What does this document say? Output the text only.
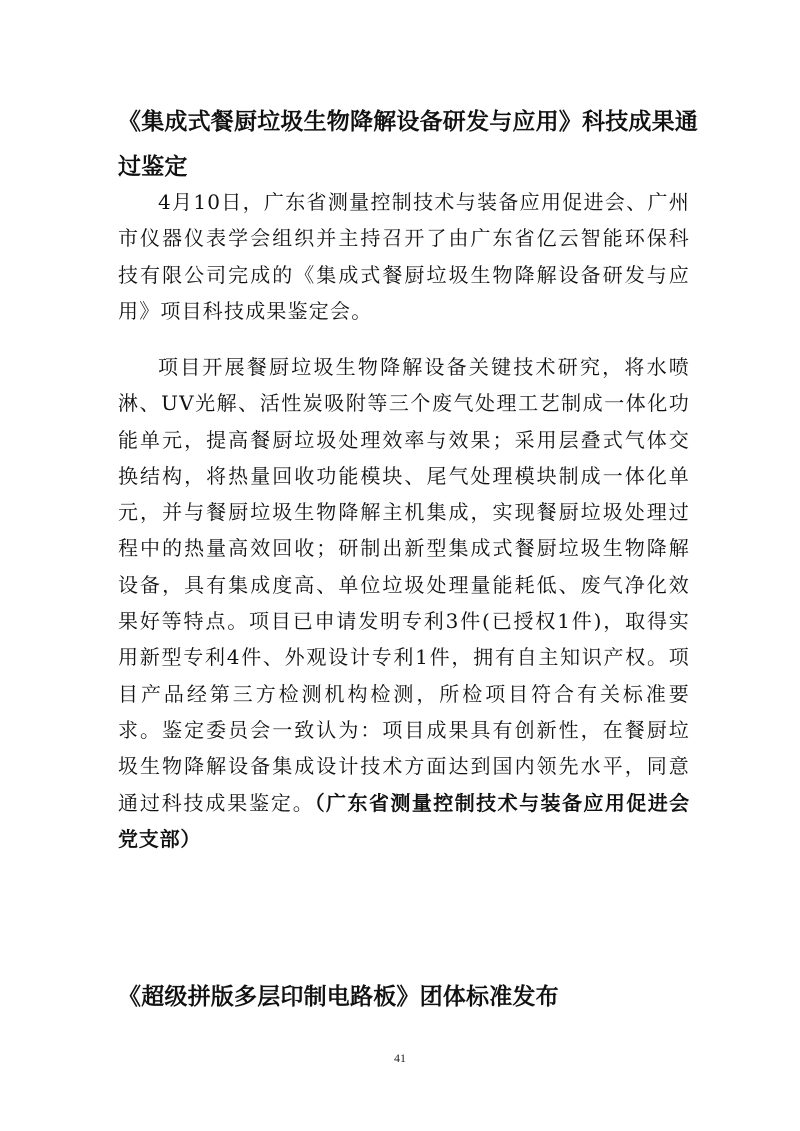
《集成式餐厨垃圾生物降解设备研发与应用》科技成果通过鉴定

4月10日，广东省测量控制技术与装备应用促进会、广州市仪器仪表学会组织并主持召开了由广东省亿云智能环保科技有限公司完成的《集成式餐厨垃圾生物降解设备研发与应用》项目科技成果鉴定会。

项目开展餐厨垃圾生物降解设备关键技术研究，将水喷淋、UV光解、活性炭吸附等三个废气处理工艺制成一体化功能单元，提高餐厨垃圾处理效率与效果；采用层叠式气体交换结构，将热量回收功能模块、尾气处理模块制成一体化单元，并与餐厨垃圾生物降解主机集成，实现餐厨垃圾处理过程中的热量高效回收；研制出新型集成式餐厨垃圾生物降解设备，具有集成度高、单位垃圾处理量能耗低、废气净化效果好等特点。项目已申请发明专利3件(已授权1件)，取得实用新型专利4件、外观设计专利1件，拥有自主知识产权。项目产品经第三方检测机构检测，所检项目符合有关标准要求。鉴定委员会一致认为：项目成果具有创新性，在餐厨垃圾生物降解设备集成设计技术方面达到国内领先水平，同意通过科技成果鉴定。（广东省测量控制技术与装备应用促进会党支部）

《超级拼版多层印制电路板》团体标准发布
41
